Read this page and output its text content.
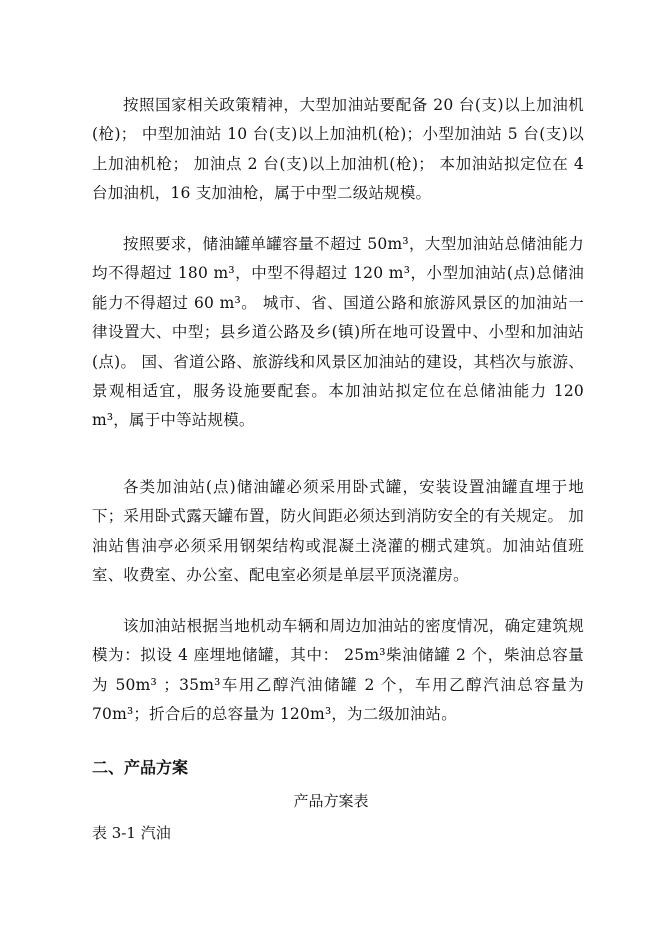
按照国家相关政策精神，大型加油站要配备 20 台(支)以上加油机(枪)； 中型加油站 10 台(支)以上加油机(枪)；小型加油站 5 台(支)以上加油机枪； 加油点 2 台(支)以上加油机(枪)； 本加油站拟定位在 4 台加油机，16 支加油枪，属于中型二级站规模。

按照要求，储油罐单罐容量不超过 50m³，大型加油站总储油能力均不得超过 180 m³，中型不得超过 120 m³，小型加油站(点)总储油能力不得超过 60 m³。 城市、省、国道公路和旅游风景区的加油站一律设置大、中型；县乡道公路及乡(镇)所在地可设置中、小型和加油站(点)。 国、省道公路、旅游线和风景区加油站的建设，其档次与旅游、景观相适宜，服务设施要配套。本加油站拟定位在总储油能力 120 m³，属于中等站规模。

各类加油站(点)储油罐必须采用卧式罐，安装设置油罐直埋于地下；采用卧式露天罐布置，防火间距必须达到消防安全的有关规定。 加油站售油亭必须采用钢架结构或混凝土浇灌的棚式建筑。加油站值班室、收费室、办公室、配电室必须是单层平顶浇灌房。

该加油站根据当地机动车辆和周边加油站的密度情况，确定建筑规模为：拟设 4 座埋地储罐，其中： 25m³柴油储罐 2 个，柴油总容量为 50m³ ；35m³车用乙醇汽油储罐 2 个，车用乙醇汽油总容量为 70m³；折合后的总容量为 120m³，为二级加油站。

二、产品方案

产品方案表

表 3-1 汽油
